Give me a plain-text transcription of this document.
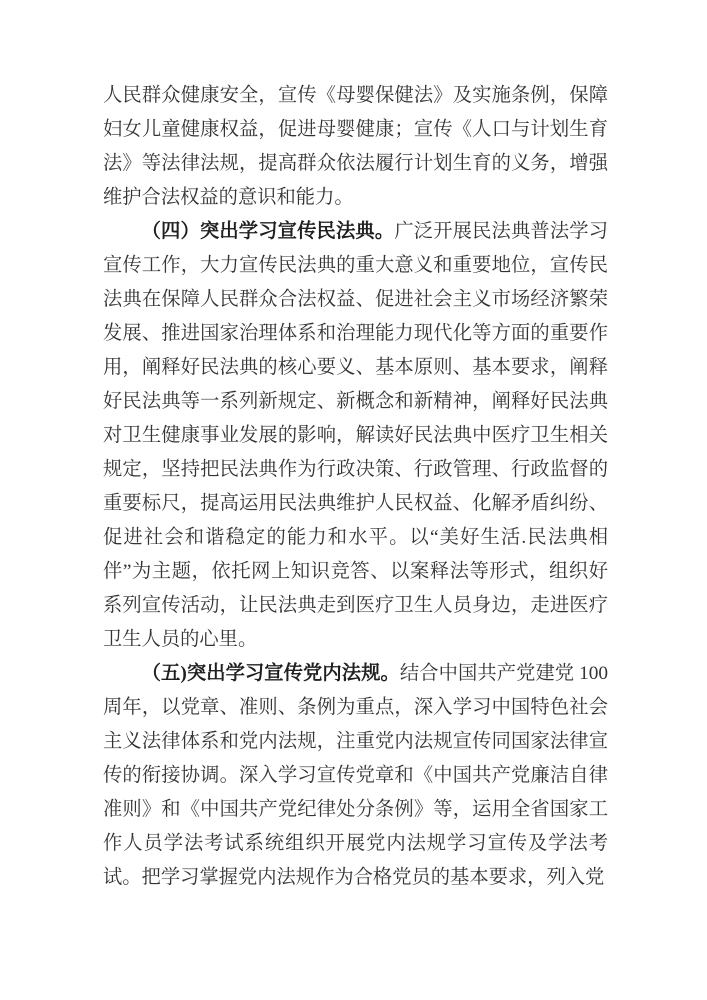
人民群众健康安全，宣传《母婴保健法》及实施条例，保障妇女儿童健康权益，促进母婴健康；宣传《人口与计划生育法》等法律法规，提高群众依法履行计划生育的义务，增强维护合法权益的意识和能力。

（四）突出学习宣传民法典。广泛开展民法典普法学习宣传工作，大力宣传民法典的重大意义和重要地位，宣传民法典在保障人民群众合法权益、促进社会主义市场经济繁荣发展、推进国家治理体系和治理能力现代化等方面的重要作用，阐释好民法典的核心要义、基本原则、基本要求，阐释好民法典等一系列新规定、新概念和新精神，阐释好民法典对卫生健康事业发展的影响，解读好民法典中医疗卫生相关规定，坚持把民法典作为行政决策、行政管理、行政监督的重要标尺，提高运用民法典维护人民权益、化解矛盾纠纷、促进社会和谐稳定的能力和水平。以“美好生活.民法典相伴”为主题，依托网上知识竞答、以案释法等形式，组织好系列宣传活动，让民法典走到医疗卫生人员身边，走进医疗卫生人员的心里。

（五)突出学习宣传党内法规。结合中国共产党建党 100 周年，以党章、准则、条例为重点，深入学习中国特色社会主义法律体系和党内法规，注重党内法规宣传同国家法律宣传的衔接协调。深入学习宣传党章和《中国共产党廉洁自律准则》和《中国共产党纪律处分条例》等，运用全省国家工作人员学法考试系统组织开展党内法规学习宣传及学法考试。把学习掌握党内法规作为合格党员的基本要求，列入党
